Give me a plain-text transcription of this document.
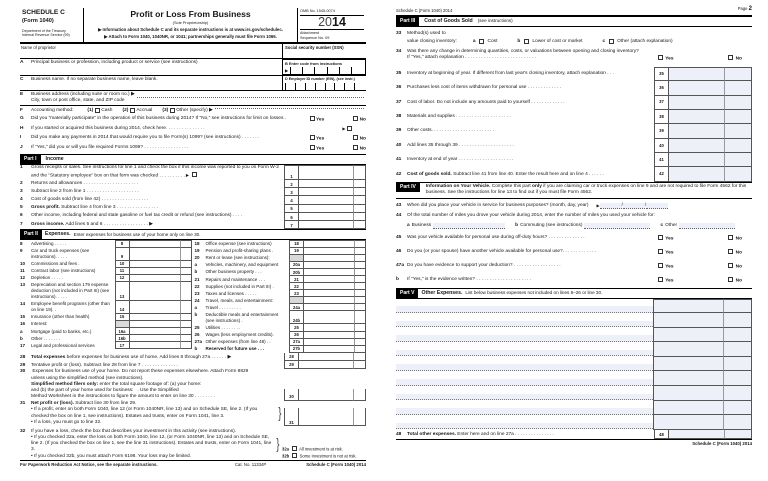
SCHEDULE C
(Form 1040)
Department of the Treasury
Internal Revenue Service (99)
Profit or Loss From Business
(Sole Proprietorship)
▶ Information about Schedule C and its separate instructions is at www.irs.gov/schedulec.
▶ Attach to Form 1040, 1040NR, or 1041; partnerships generally must file Form 1065.
OMB No. 1545-0074
2014
Attachment
Sequence No. 09
Name of proprietor	Social security number (SSN)
A	Principal business or profession, including product or service (see instructions)	B Enter code from instructions
▶
C	Business name. If no separate business name, leave blank.	D Employer ID number (EIN), (see instr.)
E	Business address (including suite or room no.) ▶
City, town or post office, state, and ZIP code
F	Accounting method:	(1) Cash (2) Accrual (3) Other (specify) ▶
G	Did you "materially participate" in the operation of this business during 2014? If "No," see instructions for limit on losses .	Yes	No
H	If you started or acquired this business during 2014, check here . . . . . . . . . . . . . . .	▶
I	Did you make any payments in 2014 that would require you to file Form(s) 1099? (see instructions) . . . . . . .	Yes	No
J	If "Yes," did you or will you file required Forms 1099? . . . . . . . . . . . . . . . . .	Yes	No
Part I	Income
1 Gross receipts or sales. See instructions for line 1 and check the box if this income was reported to you on Form W-2 and the "Statutory employee" box on that form was checked . . . . . . . . . . ▶	1
2 Returns and allowances . . . . . . . . . . . . . . . . . . . . .	2
3 Subtract line 2 from line 1 . . . . . . . . . . . . . . . . . . . .	3
4 Cost of goods sold (from line 42) . . . . . . . . . . . . . . . . . .	4
5 Gross profit. Subtract line 4 from line 3 . . . . . . . . . . . . . . . .	5
6 Other income, including federal and state gasoline or fuel tax credit or refund (see instructions) . . . .	6
7 Gross income. Add lines 5 and 6 . . . . . . . . . . . . . . . . . ▶	7
Part II	Expenses. Enter expenses for business use of your home only on line 30.
8 Advertising . . . . .	8
9 Car and truck expenses (see instructions). . . . .	9
10 Commissions and fees .	10
11 Contract labor (see instructions)	11
12 Depletion . . . . .	12
13 Depreciation and section 179 expense deduction (not included in Part III) (see instructions). . . . .	13
14 Employee benefit programs (other than on line 19). .	14
15 Insurance (other than health)	15
16 Interest:
a Mortgage (paid to banks, etc.)	16a
b Other . . . . . . .	16b
17 Legal and professional services	17
18 Office expense (see instructions)	18
19 Pension and profit-sharing plans .	19
20 Rent or lease (see instructions):
a Vehicles, machinery, and equipment	20a
b Other business property . . .	20b
21 Repairs and maintenance . . .	21
22 Supplies (not included in Part III) .	22
23 Taxes and licenses . . . . .	23
24 Travel, meals, and entertainment:
a Travel . . . . . . . . .	24a
b Deductible meals and entertainment (see instructions) .	24b
25 Utilities . . . . . . . .	25
26 Wages (less employment credits).	26
27a Other expenses (from line 48) . .	27a
b Reserved for future use . . .	27b
28 Total expenses before expenses for business use of home. Add lines 8 through 27a . . . . . . ▶	28
29 Tentative profit or (loss). Subtract line 28 from line 7 . . . . . . . . . . . . . .	29
30 Expenses for business use of your home. Do not report these expenses elsewhere. Attach Form 8829
unless using the simplified method (see instructions).
Simplified method filers only: enter the total square footage of: (a) your home:
and (b) the part of your home used for business: . Use the Simplified
Method Worksheet in the instructions to figure the amount to enter on line 30 . . . . . . . .	30
31 Net profit or (loss). Subtract line 30 from line 29.
• If a profit, enter on both Form 1040, line 12 (or Form 1040NR, line 13) and on Schedule SE, line 2. (If you checked the box on line 1, see instructions). Estates and trusts, enter on Form 1041, line 3.
• If a loss, you must go to line 32.
}
31
32 If you have a loss, check the box that describes your investment in this activity (see instructions).
• If you checked 32a, enter the loss on both Form 1040, line 12, (or Form 1040NR, line 13) and on Schedule SE, line 2. (If you checked the box on line 1, see the line 31 instructions). Estates and trusts, enter on Form 1041, line 3.
• If you checked 32b, you must attach Form 6198. Your loss may be limited.
} 32a All investment is at risk.
32b Some investment is not at risk.
For Paperwork Reduction Act Notice, see the separate instructions.	Cat. No. 11334P	Schedule C (Form 1040) 2014
Schedule C (Form 1040) 2014	Page 2
Part III	Cost of Goods Sold (see instructions)
33	Method(s) used to
value closing inventory:	a	Cost	b	Lower of cost or market	c	Other (attach explanation)
34	Was there any change in determining quantities, costs, or valuations between opening and closing inventory?
If "Yes," attach explanation . . . . . . . . . . . . . . . . . . . . . . . . . . .	Yes	No
35 Inventory at beginning of year. If different from last year's closing inventory, attach explanation . . .	35
36 Purchases less cost of items withdrawn for personal use . . . . . . . . . . . . .	36
37 Cost of labor. Do not include any amounts paid to yourself . . . . . . . . . . . . .	37
38 Materials and supplies . . . . . . . . . . . . . . . . . . . . .	38
39 Other costs. . . . . . . . . . . . . . . . . . . . . . . .	39
40 Add lines 35 through 39 . . . . . . . . . . . . . . . . . . . . .	40
41 Inventory at end of year . . . . . . . . . . . . . . . . . . . . .	41
42 Cost of goods sold. Subtract line 41 from line 40. Enter the result here and on line 4 . . . . . .	42
Part IV	Information on Your Vehicle. Complete this part only if you are claiming car or truck expenses on line 9 and are not required to file Form 4562 for this business. See the instructions for line 13 to find out if you must file Form 4562.
43	When did you place your vehicle in service for business purposes? (month, day, year) ▶
44	Of the total number of miles you drove your vehicle during 2014, enter the number of miles you used your vehicle for:
a Business	b Commuting (see instructions)	c Other
45	Was your vehicle available for personal use during off-duty hours? . . . . . . . . . . . . . .	Yes	No
46	Do you (or your spouse) have another vehicle available for personal use?. . . . . . . . . . . . .	Yes	No
47a Do you have evidence to support your deduction? . . . . . . . . . . . . . . . . . .	Yes	No
b	If "Yes," is the evidence written? . . . . . . . . . . . . . . . . . . . . .	Yes	No
Part V	Other Expenses. List below business expenses not included on lines 8–26 or line 30.
48 Total other expenses. Enter here and on line 27a . . . . . . . . . . . . . . .	48
Schedule C (Form 1040) 2014
